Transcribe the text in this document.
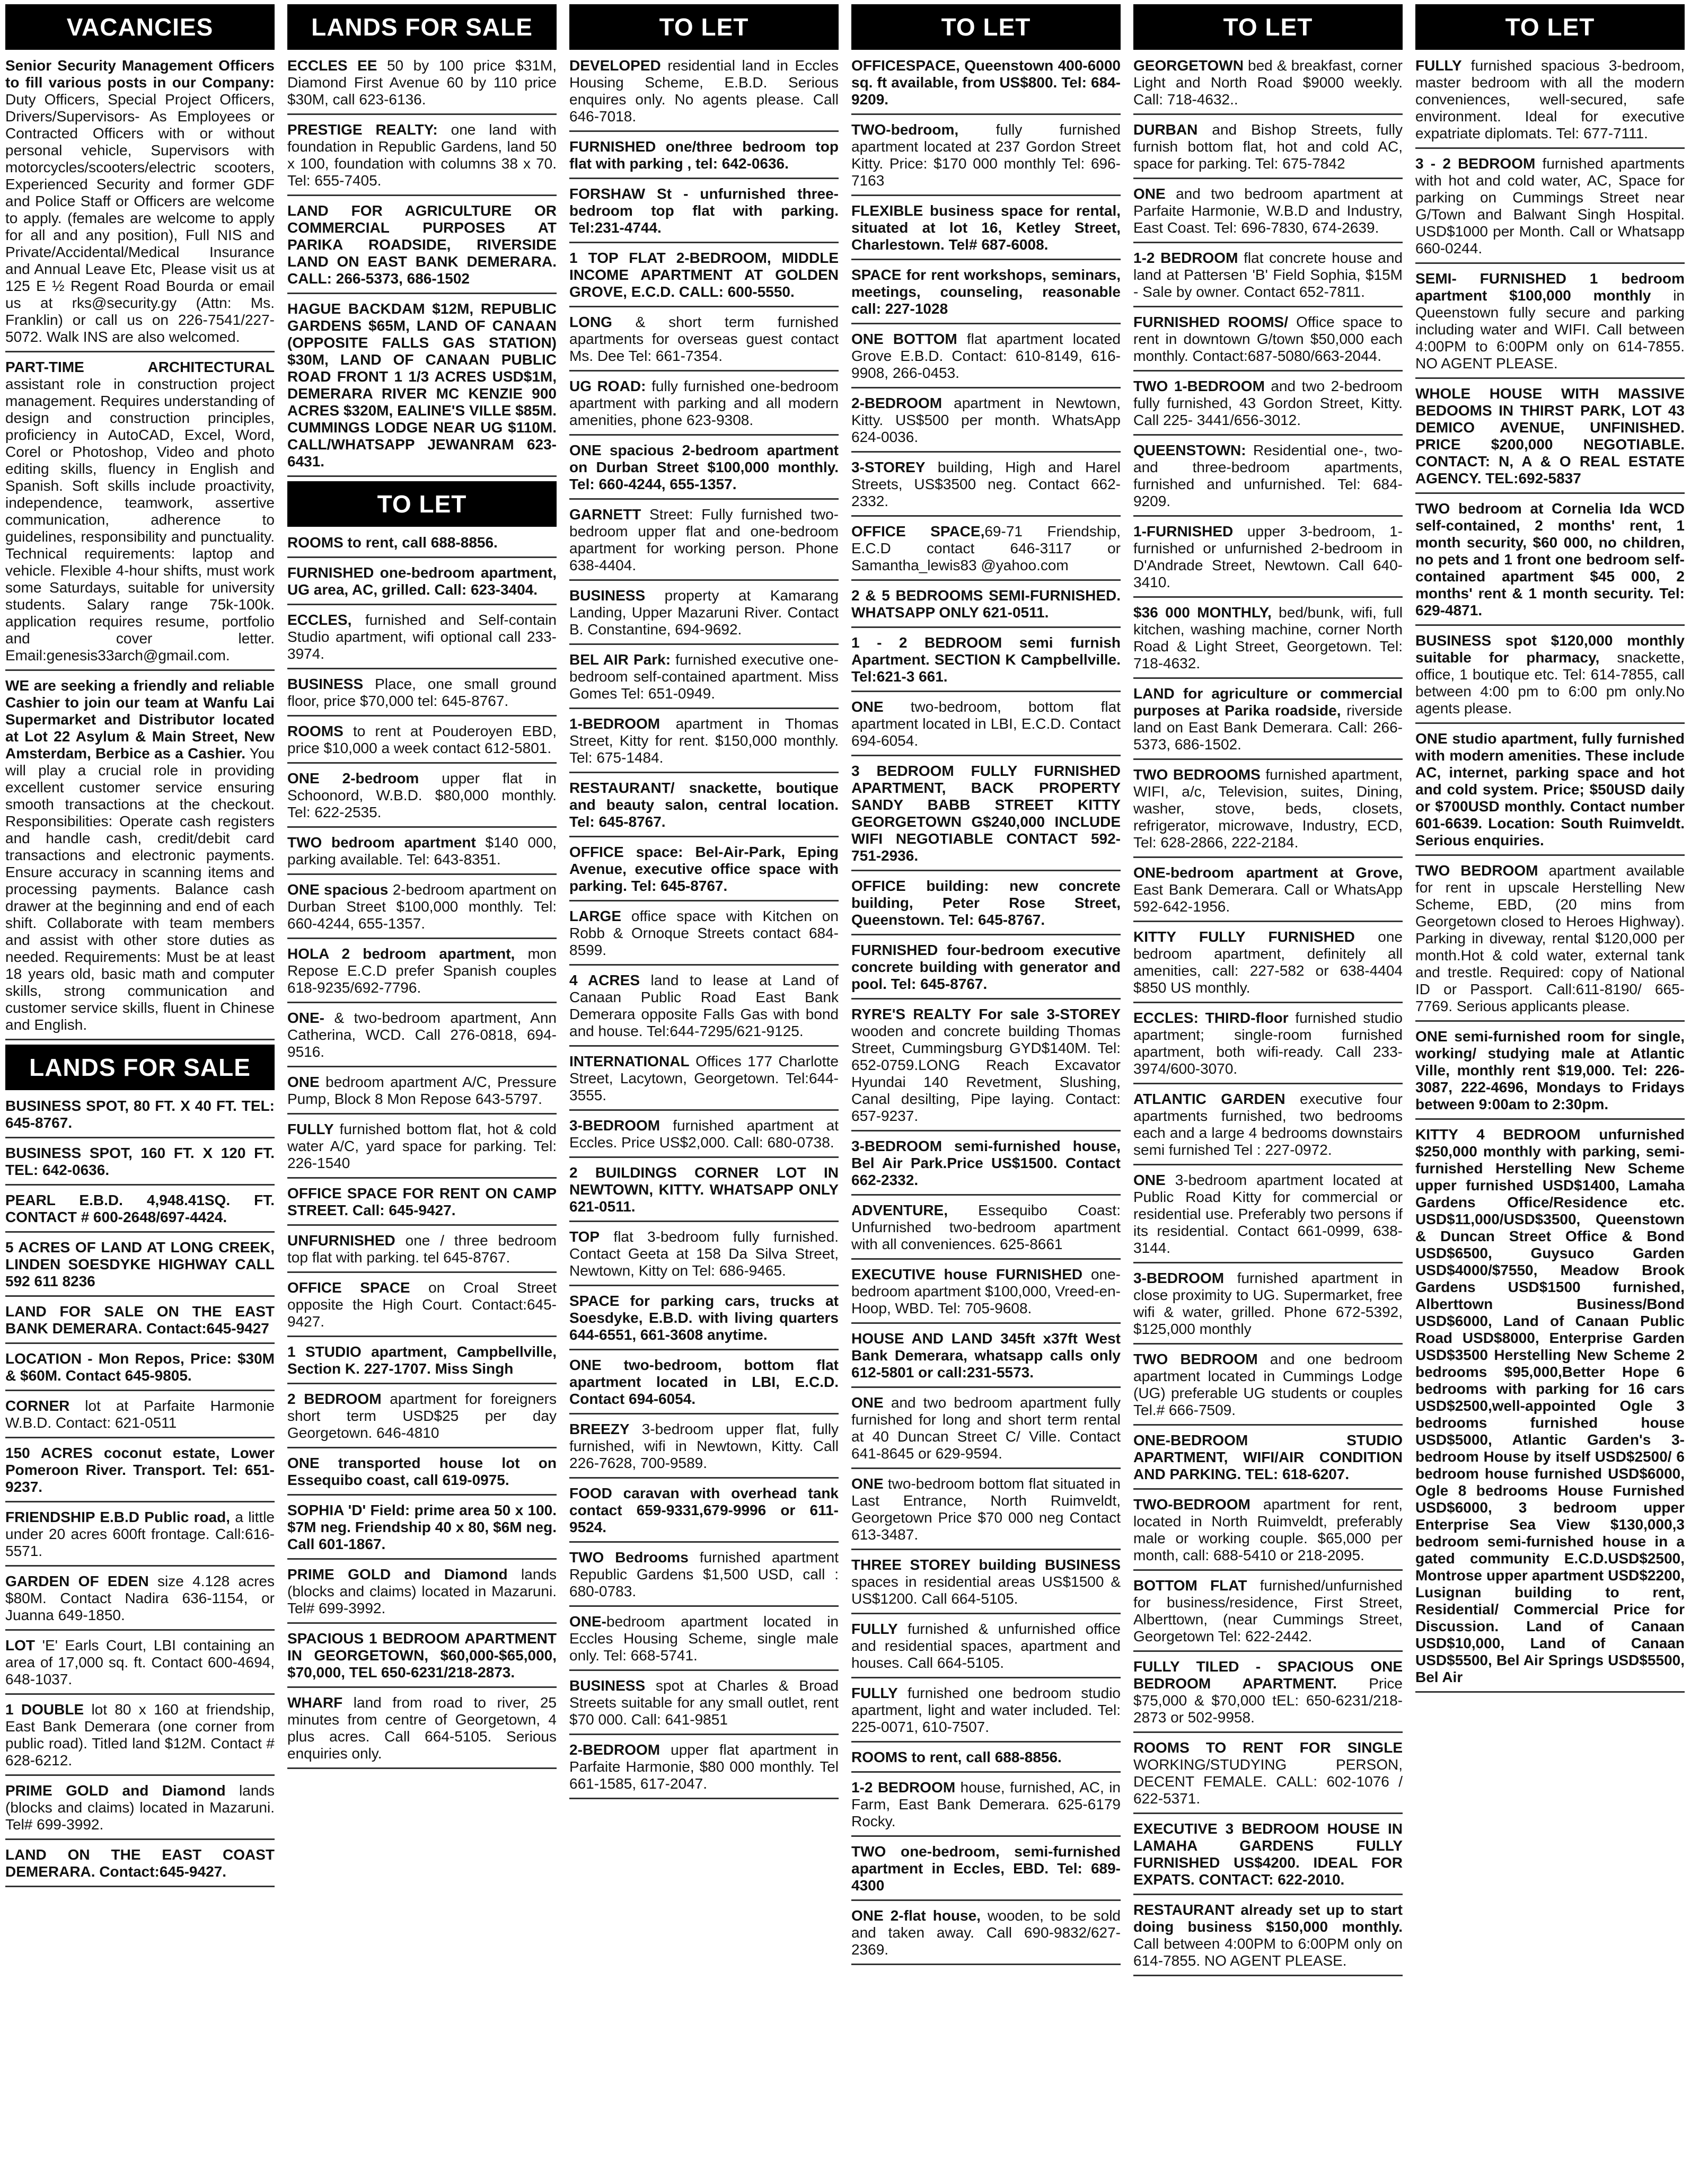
VACANCIES
Senior Security Management Officers to fill various posts in our Company: Duty Officers, Special Project Officers, Drivers/Supervisors- As Employees or Contracted Officers with or without personal vehicle, Supervisors with motorcycles/scooters/electric scooters, Experienced Security and former GDF and Police Staff or Officers are welcome to apply. (females are welcome to apply for all and any position), Full NIS and Private/Accidental/Medical Insurance and Annual Leave Etc, Please visit us at 125 E ½ Regent Road Bourda or email us at rks@security.gy (Attn: Ms. Franklin) or call us on 226-7541/227-5072. Walk INS are also welcomed.
PART-TIME ARCHITECTURAL assistant role in construction project management. Requires understanding of design and construction principles, proficiency in AutoCAD, Excel, Word, Corel or Photoshop, Video and photo editing skills, fluency in English and Spanish. Soft skills include proactivity, independence, teamwork, assertive communication, adherence to guidelines, responsibility and punctuality. Technical requirements: laptop and vehicle. Flexible 4-hour shifts, must work some Saturdays, suitable for university students. Salary range 75k-100k. application requires resume, portfolio and cover letter. Email:genesis33arch@gmail.com.
WE are seeking a friendly and reliable Cashier to join our team at Wanfu Lai Supermarket and Distributor located at Lot 22 Asylum & Main Street, New Amsterdam, Berbice as a Cashier. You will play a crucial role in providing excellent customer service ensuring smooth transactions at the checkout. Responsibilities: Operate cash registers and handle cash, credit/debit card transactions and electronic payments. Ensure accuracy in scanning items and processing payments. Balance cash drawer at the beginning and end of each shift. Collaborate with team members and assist with other store duties as needed. Requirements: Must be at least 18 years old, basic math and computer skills, strong communication and customer service skills, fluent in Chinese and English.
LANDS FOR SALE
BUSINESS SPOT, 80 FT. X 40 FT. TEL: 645-8767.
BUSINESS SPOT, 160 FT. X 120 FT. TEL: 642-0636.
PEARL E.B.D. 4,948.41SQ. FT. CONTACT # 600-2648/697-4424.
5 ACRES OF LAND AT LONG CREEK, LINDEN SOESDYKE HIGHWAY CALL 592 611 8236
LAND FOR SALE ON THE EAST BANK DEMERARA. Contact:645-9427
LOCATION - Mon Repos, Price: $30M & $60M. Contact 645-9805.
CORNER lot at Parfaite Harmonie W.B.D. Contact: 621-0511
150 ACRES coconut estate, Lower Pomeroon River. Transport. Tel: 651-9237.
FRIENDSHIP E.B.D Public road, a little under 20 acres 600ft frontage. Call:616-5571.
GARDEN OF EDEN size 4.128 acres $80M. Contact Nadira 636-1154, or Juanna 649-1850.
LOT 'E' Earls Court, LBI containing an area of 17,000 sq. ft. Contact 600-4694, 648-1037.
1 DOUBLE lot 80 x 160 at friendship, East Bank Demerara (one corner from public road). Titled land $12M. Contact # 628-6212.
PRIME GOLD and Diamond lands (blocks and claims) located in Mazaruni. Tel# 699-3992.
LAND ON THE EAST COAST DEMERARA. Contact:645-9427.
LANDS FOR SALE
ECCLES EE 50 by 100 price $31M, Diamond First Avenue 60 by 110 price $30M, call 623-6136.
PRESTIGE REALTY: one land with foundation in Republic Gardens, land 50 x 100, foundation with columns 38 x 70. Tel: 655-7405.
LAND FOR AGRICULTURE OR COMMERCIAL PURPOSES AT PARIKA ROADSIDE, RIVERSIDE LAND ON EAST BANK DEMERARA. CALL: 266-5373, 686-1502
HAGUE BACKDAM $12M, REPUBLIC GARDENS $65M, LAND OF CANAAN (OPPOSITE FALLS GAS STATION) $30M, LAND OF CANAAN PUBLIC ROAD FRONT 1 1/3 ACRES USD$1M, DEMERARA RIVER MC KENZIE 900 ACRES $320M, EALINE'S VILLE $85M. CUMMINGS LODGE NEAR UG $110M. CALL/WHATSAPP JEWANRAM 623-6431.
TO LET
ROOMS to rent, call 688-8856.
FURNISHED one-bedroom apartment, UG area, AC, grilled. Call: 623-3404.
ECCLES, furnished and Self-contain Studio apartment, wifi optional call 233-3974.
BUSINESS Place, one small ground floor, price $70,000 tel: 645-8767.
ROOMS to rent at Pouderoyen EBD, price $10,000 a week contact 612-5801.
ONE 2-bedroom upper flat in Schoonord, W.B.D. $80,000 monthly. Tel: 622-2535.
TWO bedroom apartment $140 000, parking available. Tel: 643-8351.
ONE spacious 2-bedroom apartment on Durban Street $100,000 monthly. Tel: 660-4244, 655-1357.
HOLA 2 bedroom apartment, mon Repose E.C.D prefer Spanish couples 618-9235/692-7796.
ONE- & two-bedroom apartment, Ann Catherina, WCD. Call 276-0818, 694-9516.
ONE bedroom apartment A/C, Pressure Pump, Block 8 Mon Repose 643-5797.
FULLY furnished bottom flat, hot & cold water A/C, yard space for parking. Tel: 226-1540
OFFICE SPACE FOR RENT ON CAMP STREET. Call: 645-9427.
UNFURNISHED one / three bedroom top flat with parking. tel 645-8767.
OFFICE SPACE on Croal Street opposite the High Court. Contact:645-9427.
1 STUDIO apartment, Campbellville, Section K. 227-1707. Miss Singh
2 BEDROOM apartment for foreigners short term USD$25 per day Georgetown. 646-4810
ONE transported house lot on Essequibo coast, call 619-0975.
SOPHIA 'D' Field: prime area 50 x 100. $7M neg. Friendship 40 x 80, $6M neg. Call 601-1867.
PRIME GOLD and Diamond lands (blocks and claims) located in Mazaruni. Tel# 699-3992.
SPACIOUS 1 BEDROOM APARTMENT IN GEORGETOWN, $60,000-$65,000, $70,000, TEL 650-6231/218-2873.
WHARF land from road to river, 25 minutes from centre of Georgetown, 4 plus acres. Call 664-5105. Serious enquiries only.
TO LET
DEVELOPED residential land in Eccles Housing Scheme, E.B.D. Serious enquires only. No agents please. Call 646-7018.
FURNISHED one/three bedroom top flat with parking , tel: 642-0636.
FORSHAW St - unfurnished three-bedroom top flat with parking. Tel:231-4744.
1 TOP FLAT 2-BEDROOM, MIDDLE INCOME APARTMENT AT GOLDEN GROVE, E.C.D. CALL: 600-5550.
LONG & short term furnished apartments for overseas guest contact Ms. Dee Tel: 661-7354.
UG ROAD: fully furnished one-bedroom apartment with parking and all modern amenities, phone 623-9308.
ONE spacious 2-bedroom apartment on Durban Street $100,000 monthly. Tel: 660-4244, 655-1357.
GARNETT Street: Fully furnished two-bedroom upper flat and one-bedroom apartment for working person. Phone 638-4404.
BUSINESS property at Kamarang Landing, Upper Mazaruni River. Contact B. Constantine, 694-9692.
BEL AIR Park: furnished executive one-bedroom self-contained apartment. Miss Gomes Tel: 651-0949.
1-BEDROOM apartment in Thomas Street, Kitty for rent. $150,000 monthly. Tel: 675-1484.
RESTAURANT/ snackette, boutique and beauty salon, central location. Tel: 645-8767.
OFFICE space: Bel-Air-Park, Eping Avenue, executive office space with parking. Tel: 645-8767.
LARGE office space with Kitchen on Robb & Ornoque Streets contact 684-8599.
4 ACRES land to lease at Land of Canaan Public Road East Bank Demerara opposite Falls Gas with bond and house. Tel:644-7295/621-9125.
INTERNATIONAL Offices 177 Charlotte Street, Lacytown, Georgetown. Tel:644-3555.
3-BEDROOM furnished apartment at Eccles. Price US$2,000. Call: 680-0738.
2 BUILDINGS CORNER LOT IN NEWTOWN, KITTY. WHATSAPP ONLY 621-0511.
TOP flat 3-bedroom fully furnished. Contact Geeta at 158 Da Silva Street, Newtown, Kitty on Tel: 686-9465.
SPACE for parking cars, trucks at Soesdyke, E.B.D. with living quarters 644-6551, 661-3608 anytime.
ONE two-bedroom, bottom flat apartment located in LBI, E.C.D. Contact 694-6054.
BREEZY 3-bedroom upper flat, fully furnished, wifi in Newtown, Kitty. Call 226-7628, 700-9589.
FOOD caravan with overhead tank contact 659-9331,679-9996 or 611-9524.
TWO Bedrooms furnished apartment Republic Gardens $1,500 USD, call : 680-0783.
ONE-bedroom apartment located in Eccles Housing Scheme, single male only. Tel: 668-5741.
BUSINESS spot at Charles & Broad Streets suitable for any small outlet, rent $70 000. Call: 641-9851
2-BEDROOM upper flat apartment in Parfaite Harmonie, $80 000 monthly. Tel 661-1585, 617-2047.
TO LET
OFFICESPACE, Queenstown 400-6000 sq. ft available, from US$800. Tel: 684-9209.
TWO-bedroom, fully furnished apartment located at 237 Gordon Street Kitty. Price: $170 000 monthly Tel: 696-7163
FLEXIBLE business space for rental, situated at lot 16, Ketley Street, Charlestown. Tel# 687-6008.
SPACE for rent workshops, seminars, meetings, counseling, reasonable call: 227-1028
ONE BOTTOM flat apartment located Grove E.B.D. Contact: 610-8149, 616-9908, 266-0453.
2-BEDROOM apartment in Newtown, Kitty. US$500 per month. WhatsApp 624-0036.
3-STOREY building, High and Harel Streets, US$3500 neg. Contact 662-2332.
OFFICE SPACE,69-71 Friendship, E.C.D contact 646-3117 or Samantha_lewis83 @yahoo.com
2 & 5 BEDROOMS SEMI-FURNISHED. WHATSAPP ONLY 621-0511.
1 - 2 BEDROOM semi furnish Apartment. SECTION K Campbellville. Tel:621-3 661.
ONE two-bedroom, bottom flat apartment located in LBI, E.C.D. Contact 694-6054.
3 BEDROOM FULLY FURNISHED APARTMENT, BACK PROPERTY SANDY BABB STREET KITTY GEORGETOWN G$240,000 INCLUDE WIFI NEGOTIABLE CONTACT 592-751-2936.
OFFICE building: new concrete building, Peter Rose Street, Queenstown. Tel: 645-8767.
FURNISHED four-bedroom executive concrete building with generator and pool. Tel: 645-8767.
RYRE'S REALTY For sale 3-STOREY wooden and concrete building Thomas Street, Cummingsburg GYD$140M. Tel: 652-0759.LONG Reach Excavator Hyundai 140 Revetment, Slushing, Canal desilting, Pipe laying. Contact: 657-9237.
3-BEDROOM semi-furnished house, Bel Air Park.Price US$1500. Contact 662-2332.
ADVENTURE, Essequibo Coast: Unfurnished two-bedroom apartment with all conveniences. 625-8661
EXECUTIVE house FURNISHED one-bedroom apartment $100,000, Vreed-en-Hoop, WBD. Tel: 705-9608.
HOUSE AND LAND 345ft x37ft West Bank Demerara, whatsapp calls only 612-5801 or call:231-5573.
ONE and two bedroom apartment fully furnished for long and short term rental at 40 Duncan Street C/ Ville. Contact 641-8645 or 629-9594.
ONE two-bedroom bottom flat situated in Last Entrance, North Ruimveldt, Georgetown Price $70 000 neg Contact 613-3487.
THREE STOREY building BUSINESS spaces in residential areas US$1500 & US$1200. Call 664-5105.
FULLY furnished & unfurnished office and residential spaces, apartment and houses. Call 664-5105.
FULLY furnished one bedroom studio apartment, light and water included. Tel: 225-0071, 610-7507.
ROOMS to rent, call 688-8856.
1-2 BEDROOM house, furnished, AC, in Farm, East Bank Demerara. 625-6179 Rocky.
TWO one-bedroom, semi-furnished apartment in Eccles, EBD. Tel: 689-4300
ONE 2-flat house, wooden, to be sold and taken away. Call 690-9832/627-2369.
TO LET
GEORGETOWN bed & breakfast, corner Light and North Road $9000 weekly. Call: 718-4632..
DURBAN and Bishop Streets, fully furnish bottom flat, hot and cold AC, space for parking. Tel: 675-7842
ONE and two bedroom apartment at Parfaite Harmonie, W.B.D and Industry, East Coast. Tel: 696-7830, 674-2639.
1-2 BEDROOM flat concrete house and land at Pattersen 'B' Field Sophia, $15M - Sale by owner. Contact 652-7811.
FURNISHED ROOMS/ Office space to rent in downtown G/town $50,000 each monthly. Contact:687-5080/663-2044.
TWO 1-BEDROOM and two 2-bedroom fully furnished, 43 Gordon Street, Kitty. Call 225- 3441/656-3012.
QUEENSTOWN: Residential one-, two- and three-bedroom apartments, furnished and unfurnished. Tel: 684-9209.
1-FURNISHED upper 3-bedroom, 1-furnished or unfurnished 2-bedroom in D'Andrade Street, Newtown. Call 640-3410.
$36 000 MONTHLY, bed/bunk, wifi, full kitchen, washing machine, corner North Road & Light Street, Georgetown. Tel: 718-4632.
LAND for agriculture or commercial purposes at Parika roadside, riverside land on East Bank Demerara. Call: 266-5373, 686-1502.
TWO BEDROOMS furnished apartment, WIFI, a/c, Television, suites, Dining, washer, stove, beds, closets, refrigerator, microwave, Industry, ECD, Tel: 628-2866, 222-2184.
ONE-bedroom apartment at Grove, East Bank Demerara. Call or WhatsApp 592-642-1956.
KITTY FULLY FURNISHED one bedroom apartment, definitely all amenities, call: 227-582 or 638-4404 $850 US monthly.
ECCLES: THIRD-floor furnished studio apartment; single-room furnished apartment, both wifi-ready. Call 233-3974/600-3070.
ATLANTIC GARDEN executive four apartments furnished, two bedrooms each and a large 4 bedrooms downstairs semi furnished Tel : 227-0972.
ONE 3-bedroom apartment located at Public Road Kitty for commercial or residential use. Preferably two persons if its residential. Contact 661-0999, 638-3144.
3-BEDROOM furnished apartment in close proximity to UG. Supermarket, free wifi & water, grilled. Phone 672-5392, $125,000 monthly
TWO BEDROOM and one bedroom apartment located in Cummings Lodge (UG) preferable UG students or couples Tel.# 666-7509.
ONE-BEDROOM STUDIO APARTMENT, WIFI/AIR CONDITION AND PARKING. TEL: 618-6207.
TWO-BEDROOM apartment for rent, located in North Ruimveldt, preferably male or working couple. $65,000 per month, call: 688-5410 or 218-2095.
BOTTOM FLAT furnished/unfurnished for business/residence, First Street, Alberttown, (near Cummings Street, Georgetown Tel: 622-2442.
FULLY TILED - SPACIOUS ONE BEDROOM APARTMENT. Price $75,000 & $70,000 tEL: 650-6231/218-2873 or 502-9958.
ROOMS TO RENT FOR SINGLE WORKING/STUDYING PERSON, DECENT FEMALE. CALL: 602-1076 / 622-5371.
EXECUTIVE 3 BEDROOM HOUSE IN LAMAHA GARDENS FULLY FURNISHED US$4200. IDEAL FOR EXPATS. CONTACT: 622-2010.
RESTAURANT already set up to start doing business $150,000 monthly. Call between 4:00PM to 6:00PM only on 614-7855. NO AGENT PLEASE.
TO LET
FULLY furnished spacious 3-bedroom, master bedroom with all the modern conveniences, well-secured, safe environment. Ideal for executive expatriate diplomats. Tel: 677-7111.
3 - 2 BEDROOM furnished apartments with hot and cold water, AC, Space for parking on Cummings Street near G/Town and Balwant Singh Hospital. USD$1000 per Month. Call or Whatsapp 660-0244.
SEMI- FURNISHED 1 bedroom apartment $100,000 monthly in Queenstown fully secure and parking including water and WIFI. Call between 4:00PM to 6:00PM only on 614-7855. NO AGENT PLEASE.
WHOLE HOUSE WITH MASSIVE BEDOOMS IN THIRST PARK, LOT 43 DEMICO AVENUE, UNFINISHED. PRICE $200,000 NEGOTIABLE. CONTACT: N, A & O REAL ESTATE AGENCY. TEL:692-5837
TWO bedroom at Cornelia Ida WCD self-contained, 2 months' rent, 1 month security, $60 000, no children, no pets and 1 front one bedroom self-contained apartment $45 000, 2 months' rent & 1 month security. Tel: 629-4871.
BUSINESS spot $120,000 monthly suitable for pharmacy, snackette, office, 1 boutique etc. Tel: 614-7855, call between 4:00 pm to 6:00 pm only.No agents please.
ONE studio apartment, fully furnished with modern amenities. These include AC, internet, parking space and hot and cold system. Price; $50USD daily or $700USD monthly. Contact number 601-6639. Location: South Ruimveldt. Serious enquiries.
TWO BEDROOM apartment available for rent in upscale Herstelling New Scheme, EBD, (20 mins from Georgetown closed to Heroes Highway). Parking in diveway, rental $120,000 per month.Hot & cold water, external tank and trestle. Required: copy of National ID or Passport. Call:611-8190/ 665-7769. Serious applicants please.
ONE semi-furnished room for single, working/ studying male at Atlantic Ville, monthly rent $19,000. Tel: 226-3087, 222-4696, Mondays to Fridays between 9:00am to 2:30pm.
KITTY 4 BEDROOM unfurnished $250,000 monthly with parking, semi-furnished Herstelling New Scheme upper furnished USD$1400, Lamaha Gardens Office/Residence etc. USD$11,000/USD$3500, Queenstown & Duncan Street Office & Bond USD$6500, Guysuco Garden USD$4000/$7550, Meadow Brook Gardens USD$1500 furnished, Alberttown Business/Bond USD$6000, Land of Canaan Public Road USD$8000, Enterprise Garden USD$3500 Herstelling New Scheme 2 bedrooms $95,000,Better Hope 6 bedrooms with parking for 16 cars USD$2500,well-appointed Ogle 3 bedrooms furnished house USD$5000, Atlantic Garden's 3-bedroom House by itself USD$2500/ 6 bedroom house furnished USD$6000, Ogle 8 bedrooms House Furnished USD$6000, 3 bedroom upper Enterprise Sea View $130,000,3 bedroom semi-furnished house in a gated community E.C.D.USD$2500, Montrose upper apartment USD$2200, Lusignan building to rent, Residential/ Commercial Price for Discussion. Land of Canaan USD$10,000, Land of Canaan USD$5500, Bel Air Springs USD$5500, Bel Air
